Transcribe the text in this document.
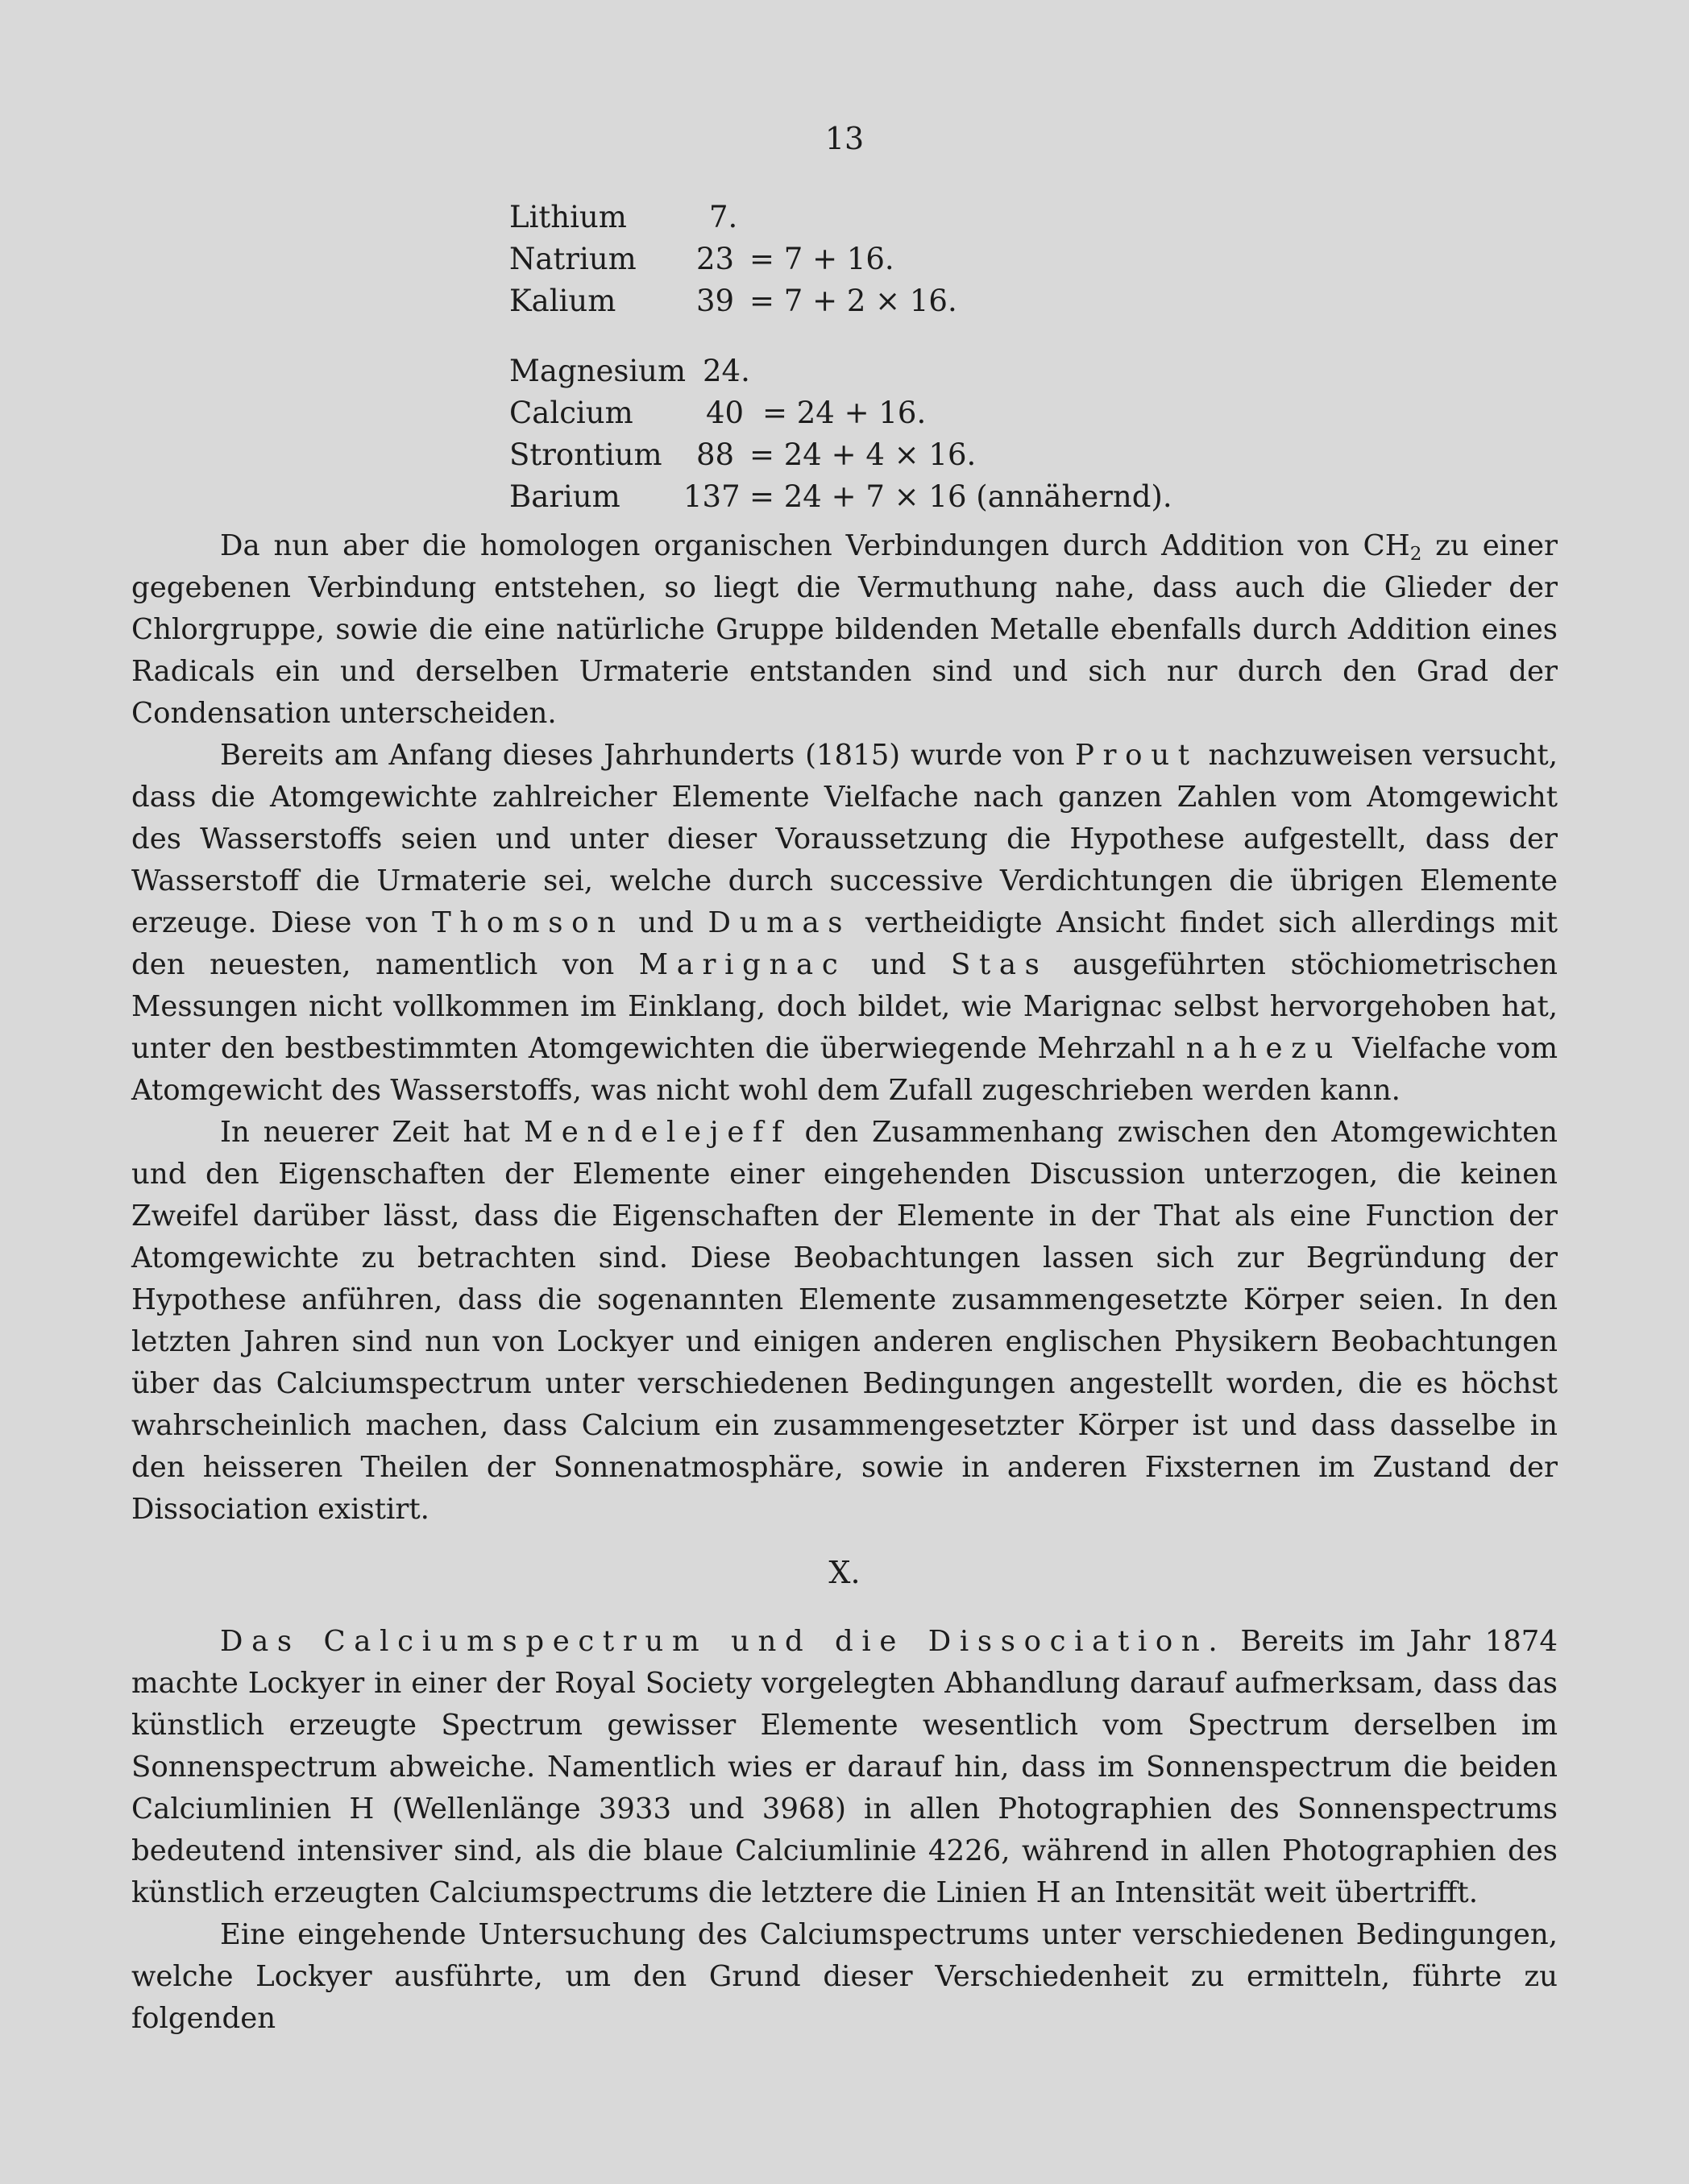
13
Lithium	7.
Natrium 23 = 7 + 16.
Kalium	39 = 7 + 2 × 16.
Magnesium 24.
Calcium 40 = 24 + 16.
Strontium 88 = 24 + 4 × 16.
Barium 137 = 24 + 7 × 16 (annähernd).

Da nun aber die homologen organischen Verbindungen durch Addition von $CH_2$ zu einer gegebenen Verbindung entstehen, so liegt die Vermuthung nahe, dass auch die Glieder der Chlorgruppe, sowie die eine natürliche Gruppe bildenden Metalle ebenfalls durch Addition eines Radicals ein und derselben Urmaterie entstanden sind und sich nur durch den Grad der Condensation unterscheiden.

Bereits am Anfang dieses Jahrhunderts (1815) wurde von Prout nachzuweisen versucht, dass die Atomgewichte zahlreicher Elemente Vielfache nach ganzen Zahlen vom Atomgewicht des Wasserstoffs seien und unter dieser Voraussetzung die Hypothese aufgestellt, dass der Wasserstoff die Urmaterie sei, welche durch successive Verdichtungen die übrigen Elemente erzeuge. Diese von Thomson und Dumas vertheidigte Ansicht findet sich allerdings mit den neuesten, namentlich von Marignac und Stas ausgeführten stöchiometrischen Messungen nicht vollkommen im Einklang, doch bildet, wie Marignac selbst hervorgehoben hat, unter den bestbestimmten Atomgewichten die überwiegende Mehrzahl nahezu Vielfache vom Atomgewicht des Wasserstoffs, was nicht wohl dem Zufall zugeschrieben werden kann.

In neuerer Zeit hat Mendelejeff den Zusammenhang zwischen den Atomgewichten und den Eigenschaften der Elemente einer eingehenden Discussion unterzogen, die keinen Zweifel darüber lässt, dass die Eigenschaften der Elemente in der That als eine Function der Atomgewichte zu betrachten sind. Diese Beobachtungen lassen sich zur Begründung der Hypothese anführen, dass die sogenannten Elemente zusammengesetzte Körper seien. In den letzten Jahren sind nun von Lockyer und einigen anderen englischen Physikern Beobachtungen über das Calciumspectrum unter verschiedenen Bedingungen angestellt worden, die es höchst wahrscheinlich machen, dass Calcium ein zusammengesetzter Körper ist und dass dasselbe in den heisseren Theilen der Sonnenatmosphäre, sowie in anderen Fixsternen im Zustand der Dissociation existirt.

X.

Das Calciumspectrum und die Dissociation. Bereits im Jahr 1874 machte Lockyer in einer der Royal Society vorgelegten Abhandlung darauf aufmerksam, dass das künstlich erzeugte Spectrum gewisser Elemente wesentlich vom Spectrum derselben im Sonnenspectrum abweiche. Namentlich wies er darauf hin, dass im Sonnenspectrum die beiden Calciumlinien H (Wellenlänge 3933 und 3968) in allen Photographien des Sonnenspectrums bedeutend intensiver sind, als die blaue Calciumlinie 4226, während in allen Photographien des künstlich erzeugten Calciumspectrums die letztere die Linien H an Intensität weit übertrifft.

Eine eingehende Untersuchung des Calciumspectrums unter verschiedenen Bedingungen, welche Lockyer ausführte, um den Grund dieser Verschiedenheit zu ermitteln, führte zu folgenden
